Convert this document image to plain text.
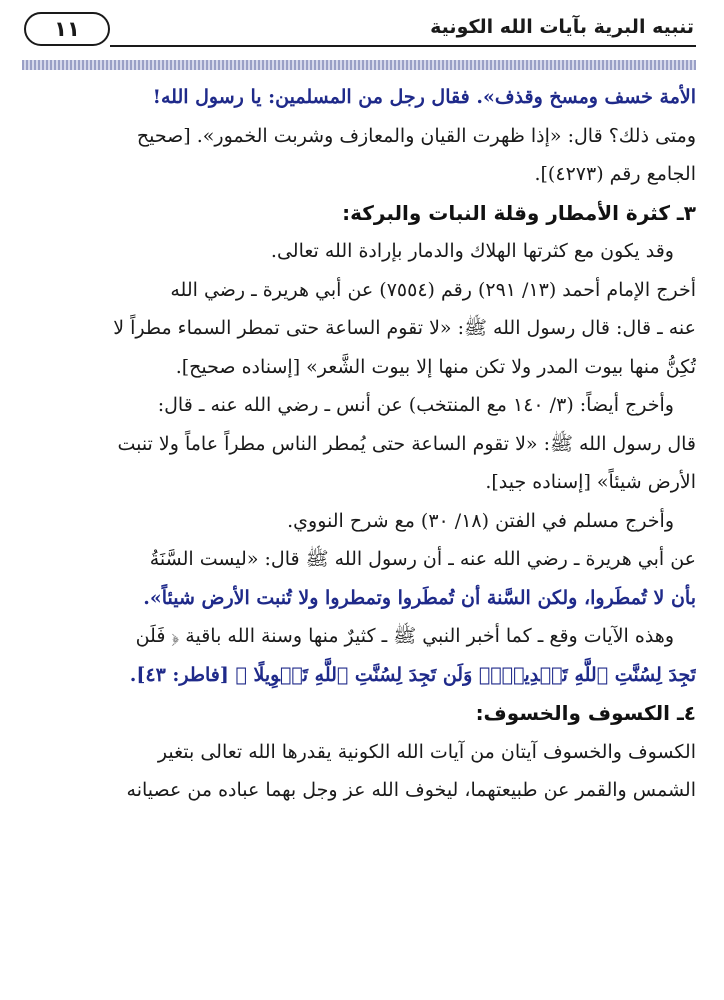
تنبيه البرية بآيات الله الكونية
١١
الأمة خسف ومسخ وقذف». فقال رجل من المسلمين: يا رسول الله!
ومتى ذلك؟ قال: «إذا ظهرت القيان والمعازف وشربت الخمور». [صحيح
الجامع رقم (٤٢٧٣)].
٣ـ كثرة الأمطار وقلة النبات والبركة:
وقد يكون مع كثرتها الهلاك والدمار بإرادة الله تعالى.
أخرج الإمام أحمد (١٣/ ٢٩١) رقم (٧٥٥٤) عن أبي هريرة ـ رضي الله
عنه ـ قال: قال رسول الله ﷺ: «لا تقوم الساعة حتى تمطر السماء مطراً لا
تُكِنُّ منها بيوت المدر ولا تكن منها إلا بيوت الشَّعر» [إسناده صحيح].
وأخرج أيضاً: (٣/ ١٤٠ مع المنتخب) عن أنس ـ رضي الله عنه ـ قال:
قال رسول الله ﷺ: «لا تقوم الساعة حتى يُمطر الناس مطراً عاماً ولا تنبت
الأرض شيئاً» [إسناده جيد].
وأخرج مسلم في الفتن (١٨/ ٣٠) مع شرح النووي.
عن أبي هريرة ـ رضي الله عنه ـ أن رسول الله ﷺ قال: «ليست السَّنَةُ
بأن لا تُمطَروا، ولكن السَّنة أن تُمطَروا وتمطروا ولا تُنبت الأرض شيئاً».
وهذه الآيات وقع ـ كما أخبر النبي ﷺ ـ كثيرٌ منها وسنة الله باقية ﴿ فَلَن
تَجِدَ لِسُنَّتِ ٱللَّهِ تَبۡدِيلٗاۖ وَلَن تَجِدَ لِسُنَّتِ ٱللَّهِ تَحۡوِيلًا ﴾ [فاطر: ٤٣].
٤ـ الكسوف والخسوف:
الكسوف والخسوف آيتان من آيات الله الكونية يقدرها الله تعالى بتغير
الشمس والقمر عن طبيعتهما، ليخوف الله عز وجل بهما عباده من عصيانه
